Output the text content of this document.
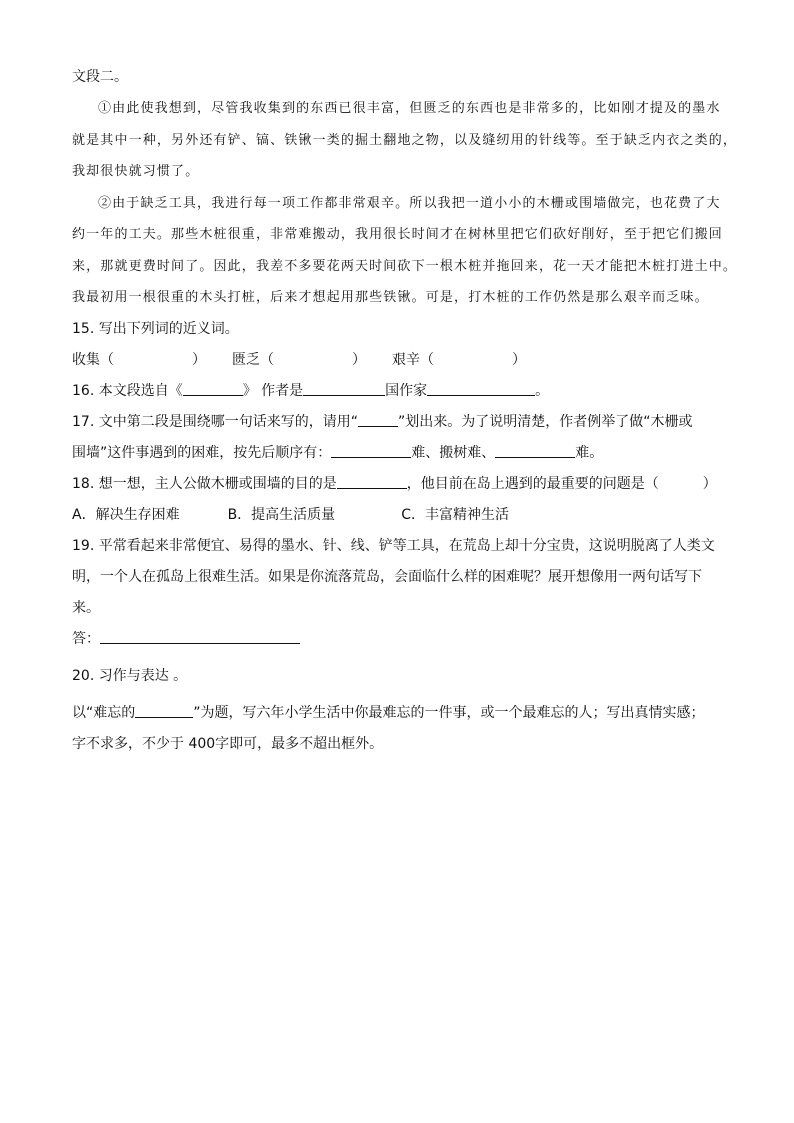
文段二。
①由此使我想到，尽管我收集到的东西已很丰富，但匮乏的东西也是非常多的，比如刚才提及的墨水
就是其中一种，另外还有铲、镐、铁锹一类的掘土翻地之物，以及缝纫用的针线等。至于缺乏内衣之类的，
我却很快就习惯了。
②由于缺乏工具，我进行每一项工作都非常艰辛。所以我把一道小小的木栅或围墙做完，也花费了大
约一年的工夫。那些木桩很重，非常难搬动，我用很长时间才在树林里把它们砍好削好，至于把它们搬回
来，那就更费时间了。因此，我差不多要花两天时间砍下一根木桩并拖回来，花一天才能把木桩打进土中。
我最初用一根很重的木头打桩，后来才想起用那些铁锹。可是，打木桩的工作仍然是那么艰辛而乏味。
15. 写出下列词的近义词。
收集（	） 匮乏（	） 艰辛（	）
16. 本文段选自《	》 作者是	国作家	。
17. 文中第二段是围绕哪一句话来写的，请用“	”划出来。为了说明清楚，作者例举了做“木栅或
围墙”这件事遇到的困难，按先后顺序有：	难、搬树难、	难。
18. 想一想，主人公做木栅或围墙的目的是	，他目前在岛上遇到的最重要的问题是（	）
A．解决生存困难	B．提高生活质量	C．丰富精神生活
19. 平常看起来非常便宜、易得的墨水、针、线、铲等工具，在荒岛上却十分宝贵，这说明脱离了人类文
明，一个人在孤岛上很难生活。如果是你流落荒岛，会面临什么样的困难呢？展开想像用一两句话写下
来。
答：
20. 习作与表达 。
以“难忘的	”为题，写六年小学生活中你最难忘的一件事，或一个最难忘的人；写出真情实感；
字不求多，不少于 400字即可，最多不超出框外。
